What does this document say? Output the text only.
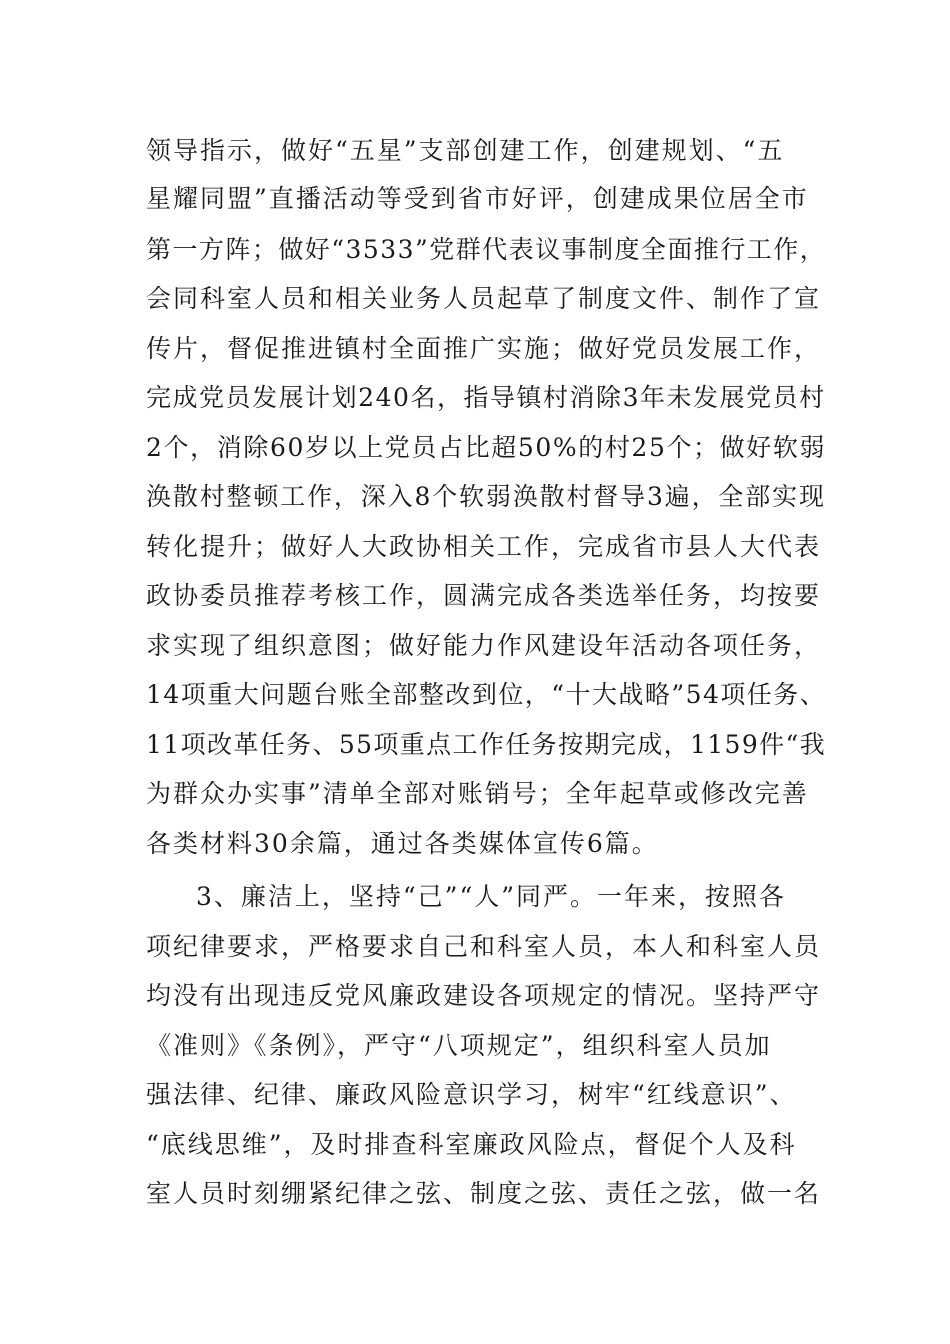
领导指示，做好“五星”支部创建工作，创建规划、“五
星耀同盟”直播活动等受到省市好评，创建成果位居全市
第一方阵；做好“3533”党群代表议事制度全面推行工作，
会同科室人员和相关业务人员起草了制度文件、制作了宣
传片，督促推进镇村全面推广实施；做好党员发展工作，
完成党员发展计划240名，指导镇村消除3年未发展党员村
2个，消除60岁以上党员占比超50%的村25个；做好软弱
涣散村整顿工作，深入8个软弱涣散村督导3遍，全部实现
转化提升；做好人大政协相关工作，完成省市县人大代表
政协委员推荐考核工作，圆满完成各类选举任务，均按要
求实现了组织意图；做好能力作风建设年活动各项任务，
14项重大问题台账全部整改到位，“十大战略”54项任务、
11项改革任务、55项重点工作任务按期完成，1159件“我
为群众办实事”清单全部对账销号；全年起草或修改完善
各类材料30余篇，通过各类媒体宣传6篇。
3、廉洁上，坚持“己”“人”同严。一年来，按照各
项纪律要求，严格要求自己和科室人员，本人和科室人员
均没有出现违反党风廉政建设各项规定的情况。坚持严守
《准则》《条例》，严守“八项规定”，组织科室人员加
强法律、纪律、廉政风险意识学习，树牢“红线意识”、
“底线思维”，及时排查科室廉政风险点，督促个人及科
室人员时刻绷紧纪律之弦、制度之弦、责任之弦，做一名
